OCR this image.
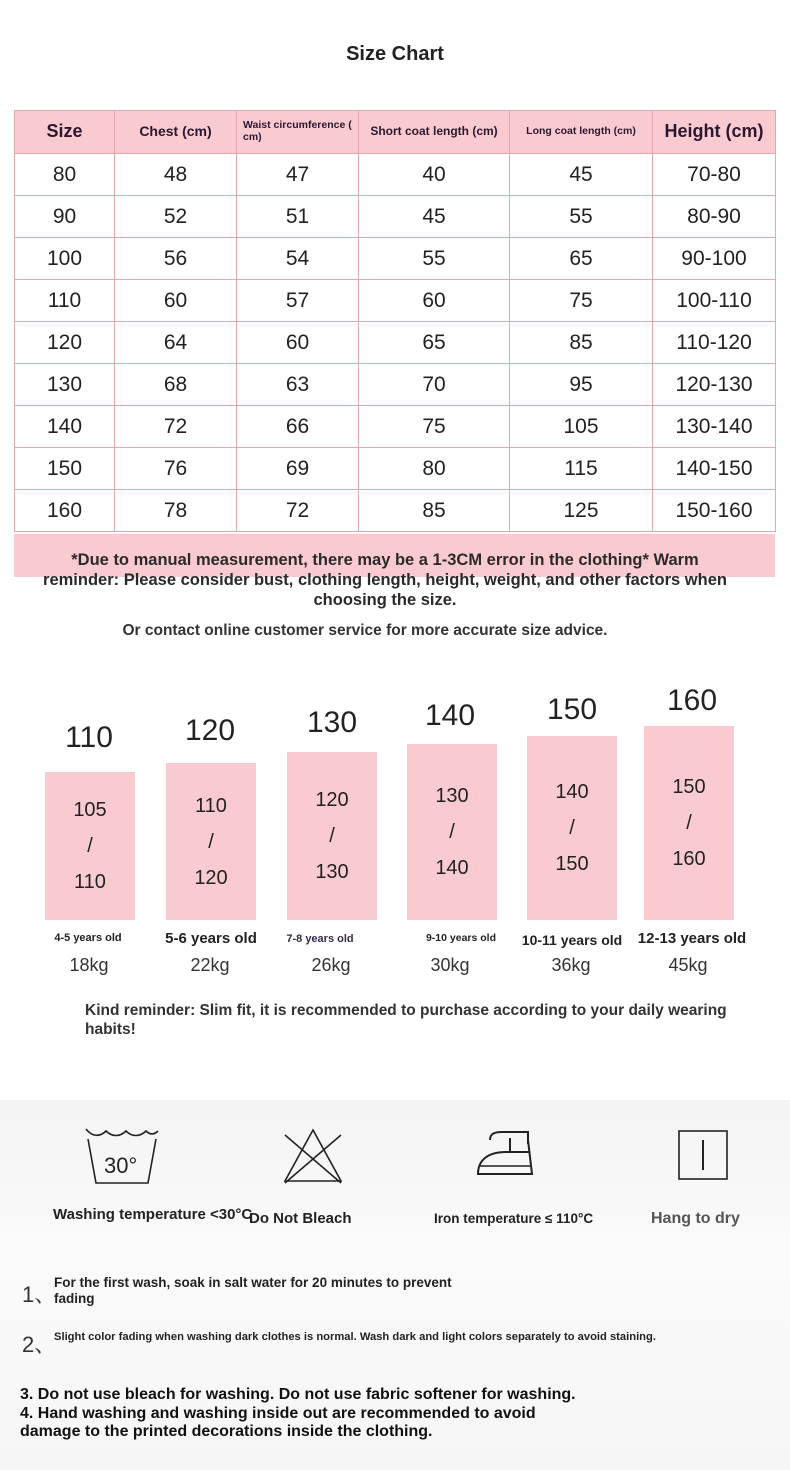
Size Chart
Size	Chest (cm)	Waist circumference ( cm)	Short coat length (cm)	Long coat length (cm)	Height (cm)
80	48	47	40	45	70-80
90	52	51	45	55	80-90
100	56	54	55	65	90-100
110	60	57	60	75	100-110
120	64	60	65	85	110-120
130	68	63	70	95	120-130
140	72	66	75	105	130-140
150	76	69	80	115	140-150
160	78	72	85	125	150-160
*Due to manual measurement, there may be a 1-3CM error in the clothing* Warm reminder: Please consider bust, clothing length, height, weight, and other factors when choosing the size.
Or contact online customer service for more accurate size advice.
110
105
/
110
4-5 years old
18kg
120
110
/
120
5-6 years old
22kg
130
120
/
130
7-8 years old
26kg
140
130
/
140
9-10 years old
30kg
150
140
/
150
10-11 years old
36kg
160
150
/
160
12-13 years old
45kg
Kind reminder: Slim fit, it is recommended to purchase according to your daily wearing habits!
30°
Washing temperature <30°C
Do Not Bleach	Iron temperature ≤ 110°C	Hang to dry
1、
For the first wash, soak in salt water for 20 minutes to prevent fading
2、
Slight color fading when washing dark clothes is normal. Wash dark and light colors separately to avoid staining.
3. Do not use bleach for washing. Do not use fabric softener for washing.
4. Hand washing and washing inside out are recommended to avoid damage to the printed decorations inside the clothing.
